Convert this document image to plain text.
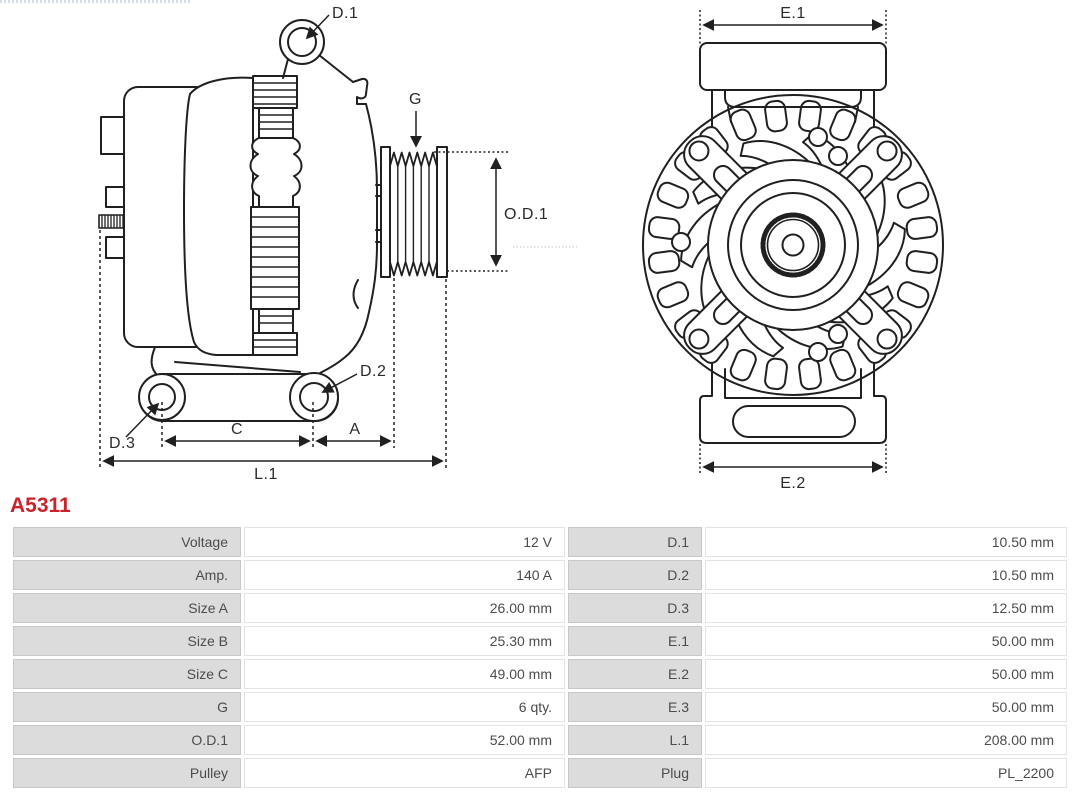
D.1
G
O.D.1
D.2
D.3
C	A
L.1
E.1
E.2
A5311
Voltage	12 V	D.1	10.50 mm
Amp.	140 A	D.2	10.50 mm
Size A	26.00 mm	D.3	12.50 mm
Size B	25.30 mm	E.1	50.00 mm
Size C	49.00 mm	E.2	50.00 mm
G	6 qty.	E.3	50.00 mm
O.D.1	52.00 mm	L.1	208.00 mm
Pulley	AFP	Plug	PL_2200
